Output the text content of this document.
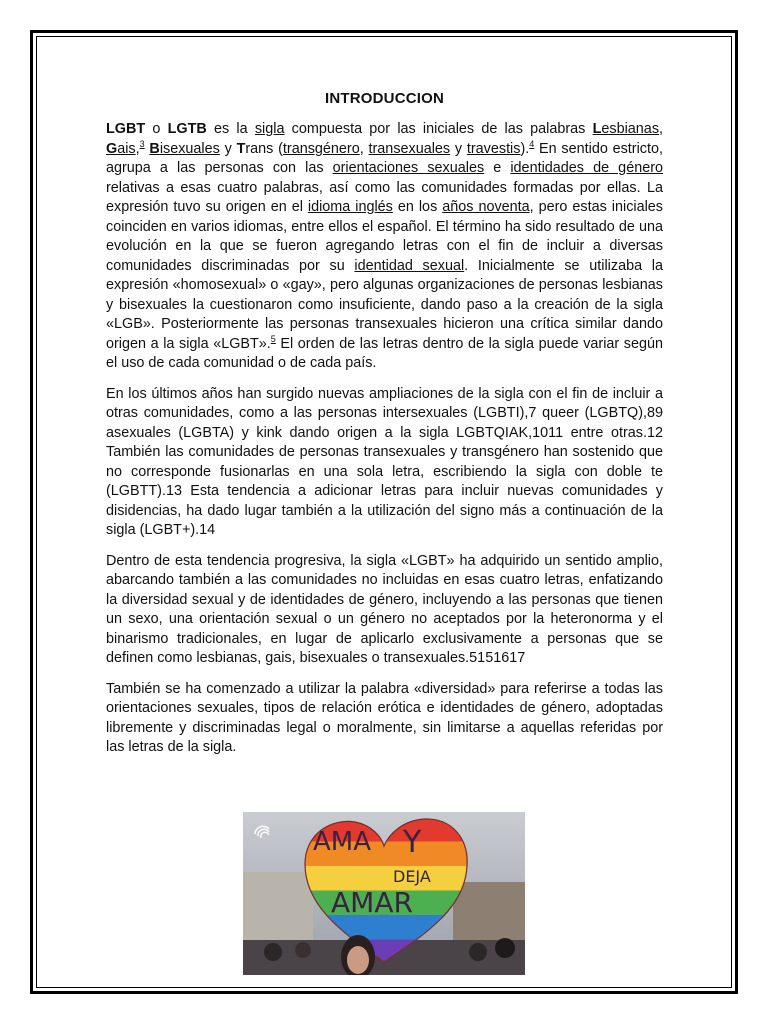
INTRODUCCION

LGBT o LGTB es la sigla compuesta por las iniciales de las palabras Lesbianas, Gais,$^3$ Bisexuales y Trans (transgénero, transexuales y travestis).$^4$ En sentido estricto, agrupa a las personas con las orientaciones sexuales e identidades de género relativas a esas cuatro palabras, así como las comunidades formadas por ellas. La expresión tuvo su origen en el idioma inglés en los años noventa, pero estas iniciales coinciden en varios idiomas, entre ellos el español. El término ha sido resultado de una evolución en la que se fueron agregando letras con el fin de incluir a diversas comunidades discriminadas por su identidad sexual. Inicialmente se utilizaba la expresión «homosexual» o «gay», pero algunas organizaciones de personas lesbianas y bisexuales la cuestionaron como insuficiente, dando paso a la creación de la sigla «LGB». Posteriormente las personas transexuales hicieron una crítica similar dando origen a la sigla «LGBT».$^5$ El orden de las letras dentro de la sigla puede variar según el uso de cada comunidad o de cada país.

En los últimos años han surgido nuevas ampliaciones de la sigla con el fin de incluir a otras comunidades, como a las personas intersexuales (LGBTI),7 queer (LGBTQ),89 asexuales (LGBTA) y kink dando origen a la sigla LGBTQIAK,1011 entre otras.12 También las comunidades de personas transexuales y transgénero han sostenido que no corresponde fusionarlas en una sola letra, escribiendo la sigla con doble te (LGBTT).13 Esta tendencia a adicionar letras para incluir nuevas comunidades y disidencias, ha dado lugar también a la utilización del signo más a continuación de la sigla (LGBT+).14

Dentro de esta tendencia progresiva, la sigla «LGBT» ha adquirido un sentido amplio, abarcando también a las comunidades no incluidas en esas cuatro letras, enfatizando la diversidad sexual y de identidades de género, incluyendo a las personas que tienen un sexo, una orientación sexual o un género no aceptados por la heteronorma y el binarismo tradicionales, en lugar de aplicarlo exclusivamente a personas que se definen como lesbianas, gais, bisexuales o transexuales.5151617

También se ha comenzado a utilizar la palabra «diversidad» para referirse a todas las orientaciones sexuales, tipos de relación erótica e identidades de género, adoptadas libremente y discriminadas legal o moralmente, sin limitarse a aquellas referidas por las letras de la sigla.

AMA Y
DEJA
AMAR
